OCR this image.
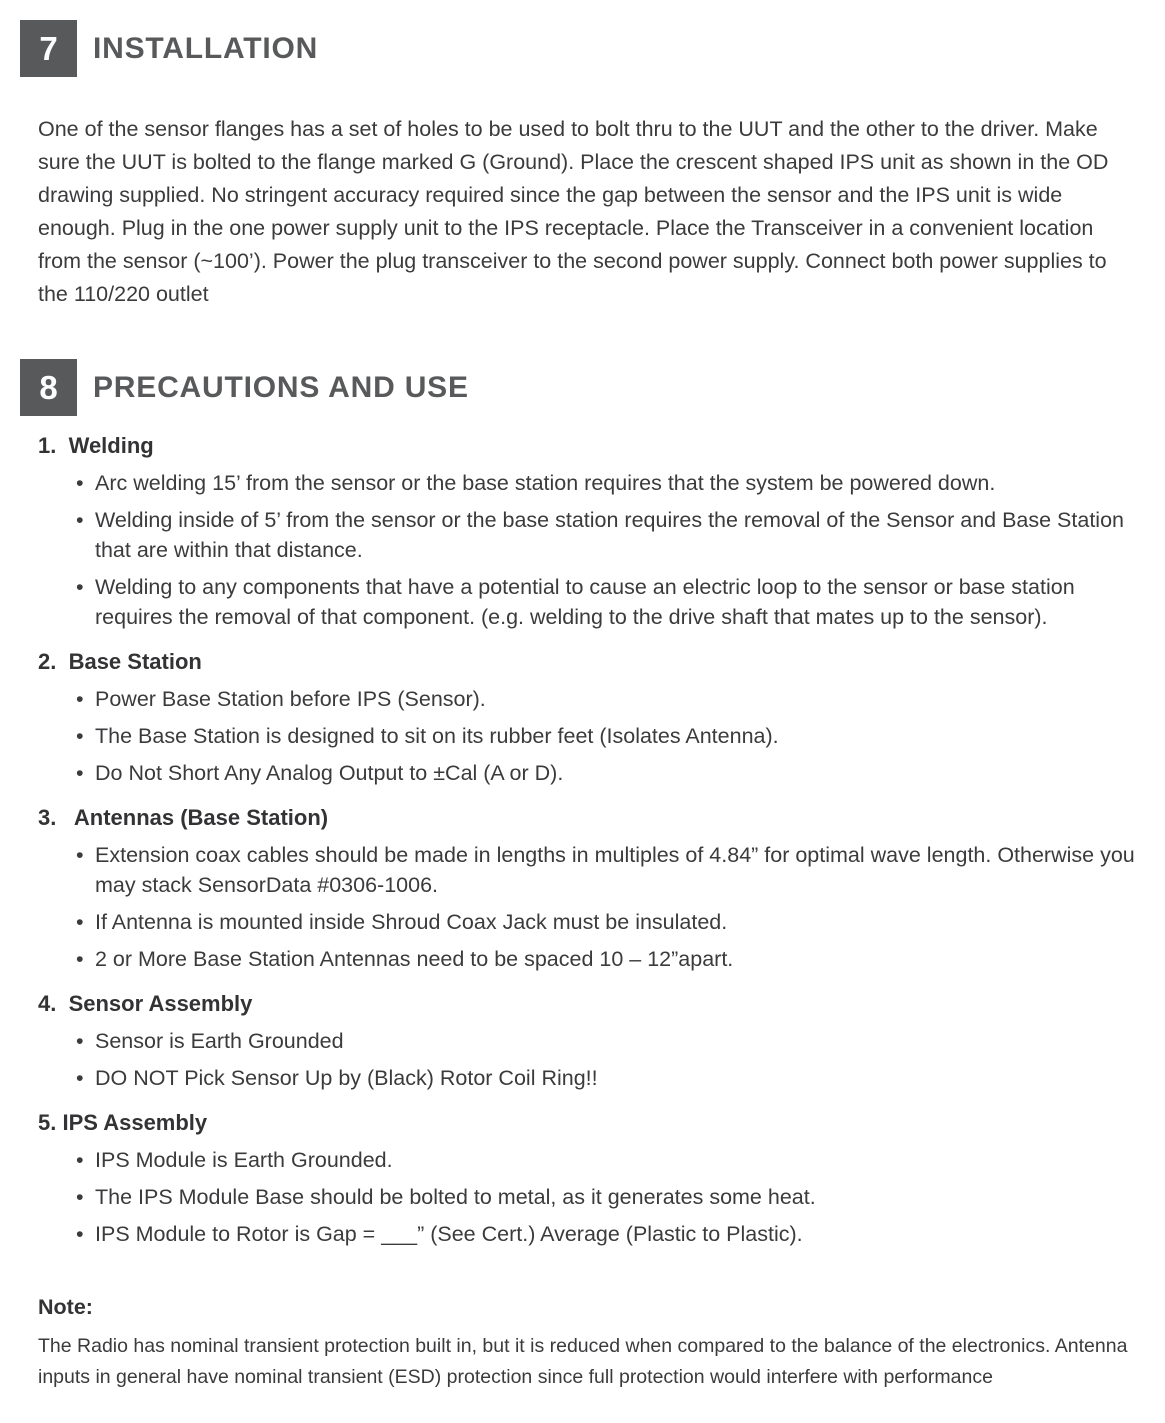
7	INSTALLATION

One of the sensor flanges has a set of holes to be used to bolt thru to the UUT and the other to the driver. Make sure the UUT is bolted to the flange marked G (Ground). Place the crescent shaped IPS unit as shown in the OD drawing supplied. No stringent accuracy required since the gap between the sensor and the IPS unit is wide enough. Plug in the one power supply unit to the IPS receptacle. Place the Transceiver in a convenient location from the sensor (~100’). Power the plug transceiver to the second power supply. Connect both power supplies to the 110/220 outlet

8	PRECAUTIONS AND USE
1.  Welding
• Arc welding 15’ from the sensor or the base station requires that the system be powered down.
• Welding inside of 5’ from the sensor or the base station requires the removal of the Sensor and Base Station that are within that distance.
• Welding to any components that have a potential to cause an electric loop to the sensor or base station requires the removal of that component. (e.g. welding to the drive shaft that mates up to the sensor).
2.  Base Station
• Power Base Station before IPS (Sensor).
• The Base Station is designed to sit on its rubber feet (Isolates Antenna).
• Do Not Short Any Analog Output to ±Cal (A or D).
3.   Antennas (Base Station)
• Extension coax cables should be made in lengths in multiples of 4.84” for optimal wave length. Otherwise you may stack SensorData #0306-1006.
• If Antenna is mounted inside Shroud Coax Jack must be insulated.
• 2 or More Base Station Antennas need to be spaced 10 – 12”apart.
4.  Sensor Assembly
• Sensor is Earth Grounded
• DO NOT Pick Sensor Up by (Black) Rotor Coil Ring!!
5. IPS Assembly
• IPS Module is Earth Grounded.
• The IPS Module Base should be bolted to metal, as it generates some heat.
• IPS Module to Rotor is Gap = ___” (See Cert.) Average (Plastic to Plastic).
Note:

The Radio has nominal transient protection built in, but it is reduced when compared to the balance of the electronics. Antenna inputs in general have nominal transient (ESD) protection since full protection would interfere with performance
